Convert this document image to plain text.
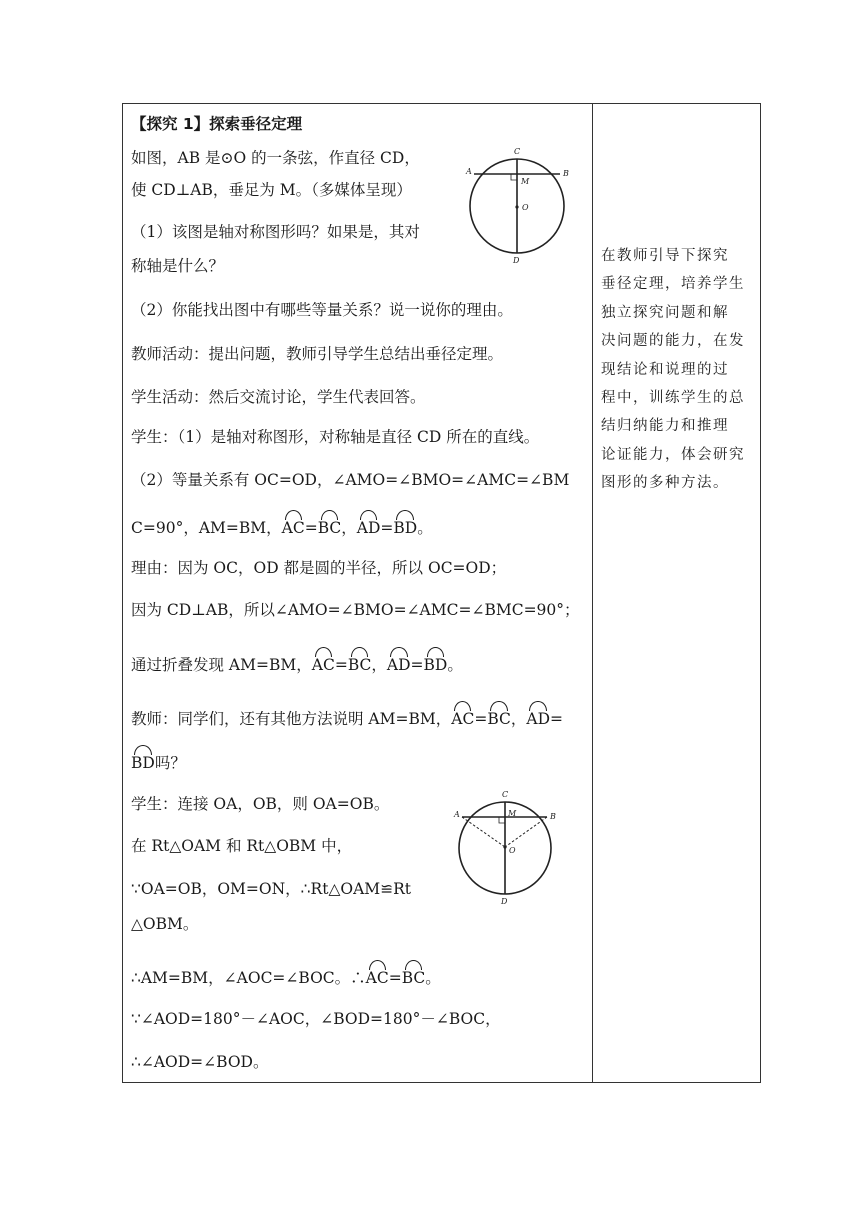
【探究 1】探索垂径定理
如图，AB 是⊙O 的一条弦，作直径 CD，
使 CD⊥AB，垂足为 M。（多媒体呈现）
（1）该图是轴对称图形吗？如果是，其对
称轴是什么？
（2）你能找出图中有哪些等量关系？说一说你的理由。
教师活动：提出问题，教师引导学生总结出垂径定理。
学生活动：然后交流讨论，学生代表回答。
学生：（1）是轴对称图形，对称轴是直径 CD 所在的直线。
（2）等量关系有 OC=OD，∠AMO=∠BMO=∠AMC=∠BM
C=90°，AM=BM，AC=BC，AD=BD。
理由：因为 OC，OD 都是圆的半径，所以 OC=OD；
因为 CD⊥AB，所以∠AMO=∠BMO=∠AMC=∠BMC=90°；
通过折叠发现 AM=BM，AC=BC，AD=BD。
教师：同学们，还有其他方法说明 AM=BM，AC=BC，AD=
BD吗？
学生：连接 OA，OB，则 OA=OB。
在 Rt△OAM 和 Rt△OBM 中，
∵OA=OB，OM=ON，∴Rt△OAM≌Rt
△OBM。
∴AM=BM，∠AOC=∠BOC。∴AC=BC。
∵∠AOD=180°－∠AOC，∠BOD=180°－∠BOC，
∴∠AOD=∠BOD。
在教师引导下探究
垂径定理，培养学生
独立探究问题和解
决问题的能力，在发
现结论和说理的过
程中，训练学生的总
结归纳能力和推理
论证能力，体会研究
图形的多种方法。
A	B
C
D
M
O
A	B
C
D
M
O
